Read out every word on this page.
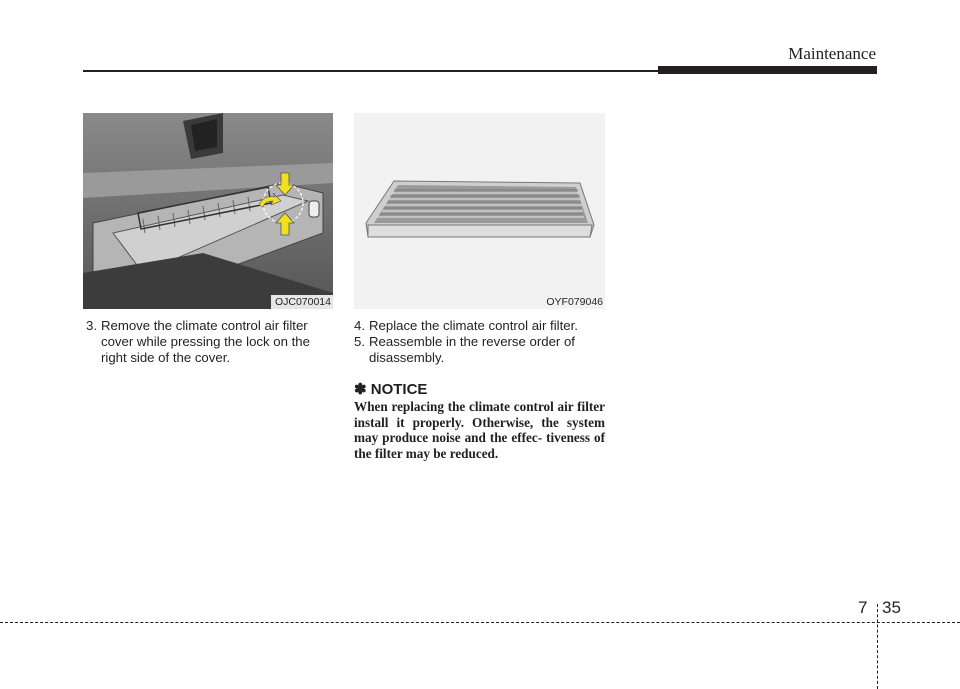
Maintenance
OJC070014	OYF079046
3. Remove the climate control air filter
cover while pressing the lock on the
right side of the cover.
4. Replace the climate control air filter.
5. Reassemble in the reverse order of
disassembly.
✽ NOTICE
When replacing the climate control air filter install it properly. Otherwise, the system may produce noise and the effec- tiveness of the filter may be reduced.
7 35
